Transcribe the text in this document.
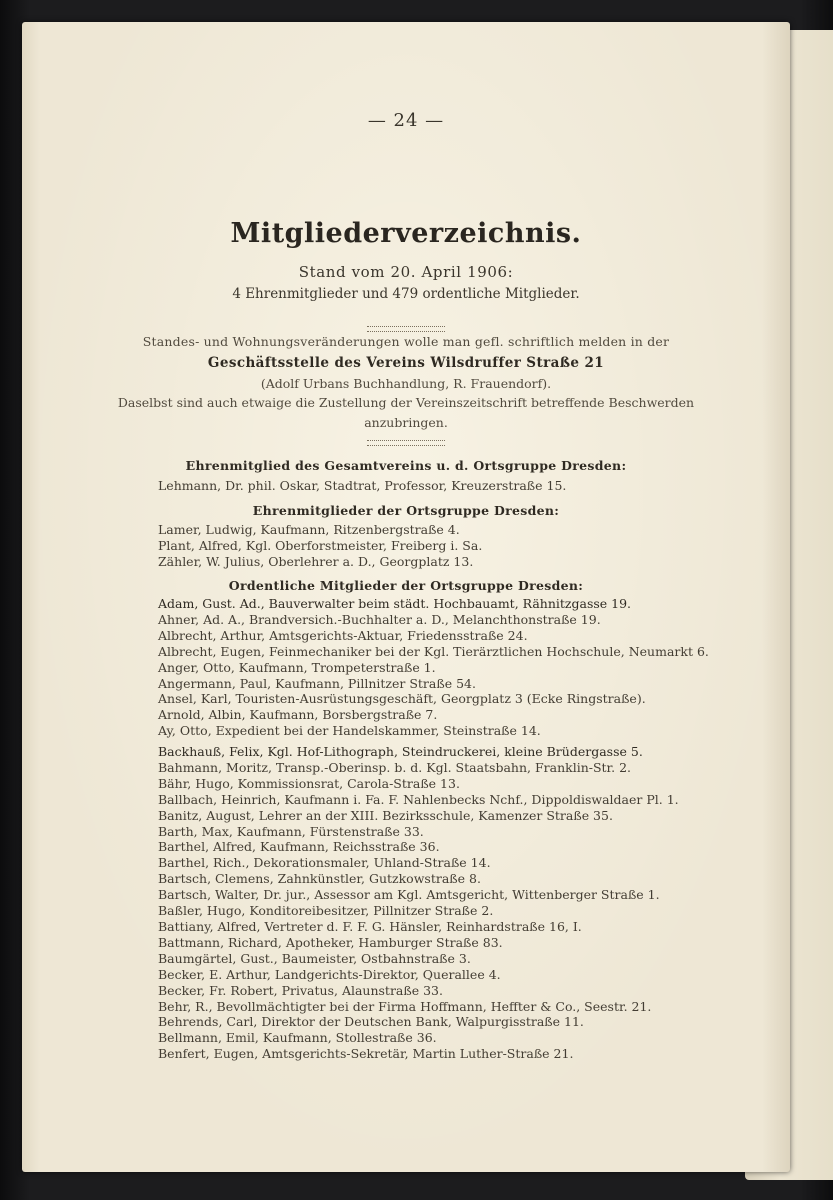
— 24 —
Mitgliederverzeichnis.
Stand vom 20. April 1906:
4 Ehrenmitglieder und 479 ordentliche Mitglieder.
Standes- und Wohnungsveränderungen wolle man gefl. schriftlich melden in der
Geschäftsstelle des Vereins Wilsdruffer Straße 21
(Adolf Urbans Buchhandlung, R. Frauendorf).
Daselbst sind auch etwaige die Zustellung der Vereinszeitschrift betreffende Beschwerden
anzubringen.
Ehrenmitglied des Gesamtvereins u. d. Ortsgruppe Dresden:
Lehmann, Dr. phil. Oskar, Stadtrat, Professor, Kreuzerstraße 15.
Ehrenmitglieder der Ortsgruppe Dresden:
Lamer, Ludwig, Kaufmann, Ritzenbergstraße 4.
Plant, Alfred, Kgl. Oberforstmeister, Freiberg i. Sa.
Zähler, W. Julius, Oberlehrer a. D., Georgplatz 13.
Ordentliche Mitglieder der Ortsgruppe Dresden:
Adam, Gust. Ad., Bauverwalter beim städt. Hochbauamt, Rähnitzgasse 19.
Ahner, Ad. A., Brandversich.-Buchhalter a. D., Melanchthonstraße 19.
Albrecht, Arthur, Amtsgerichts-Aktuar, Friedensstraße 24.
Albrecht, Eugen, Feinmechaniker bei der Kgl. Tierärztlichen Hochschule, Neumarkt 6.
Anger, Otto, Kaufmann, Trompeterstraße 1.
Angermann, Paul, Kaufmann, Pillnitzer Straße 54.
Ansel, Karl, Touristen-Ausrüstungsgeschäft, Georgplatz 3 (Ecke Ringstraße).
Arnold, Albin, Kaufmann, Borsbergstraße 7.
Ay, Otto, Expedient bei der Handelskammer, Steinstraße 14.
Backhauß, Felix, Kgl. Hof-Lithograph, Steindruckerei, kleine Brüdergasse 5.
Bahmann, Moritz, Transp.-Oberinsp. b. d. Kgl. Staatsbahn, Franklin-Str. 2.
Bähr, Hugo, Kommissionsrat, Carola-Straße 13.
Ballbach, Heinrich, Kaufmann i. Fa. F. Nahlenbecks Nchf., Dippoldiswaldaer Pl. 1.
Banitz, August, Lehrer an der XIII. Bezirksschule, Kamenzer Straße 35.
Barth, Max, Kaufmann, Fürstenstraße 33.
Barthel, Alfred, Kaufmann, Reichsstraße 36.
Barthel, Rich., Dekorationsmaler, Uhland-Straße 14.
Bartsch, Clemens, Zahnkünstler, Gutzkowstraße 8.
Bartsch, Walter, Dr. jur., Assessor am Kgl. Amtsgericht, Wittenberger Straße 1.
Baßler, Hugo, Konditoreibesitzer, Pillnitzer Straße 2.
Battiany, Alfred, Vertreter d. F. F. G. Hänsler, Reinhardstraße 16, I.
Battmann, Richard, Apotheker, Hamburger Straße 83.
Baumgärtel, Gust., Baumeister, Ostbahnstraße 3.
Becker, E. Arthur, Landgerichts-Direktor, Querallee 4.
Becker, Fr. Robert, Privatus, Alaunstraße 33.
Behr, R., Bevollmächtigter bei der Firma Hoffmann, Heffter & Co., Seestr. 21.
Behrends, Carl, Direktor der Deutschen Bank, Walpurgisstraße 11.
Bellmann, Emil, Kaufmann, Stollestraße 36.
Benfert, Eugen, Amtsgerichts-Sekretär, Martin Luther-Straße 21.
